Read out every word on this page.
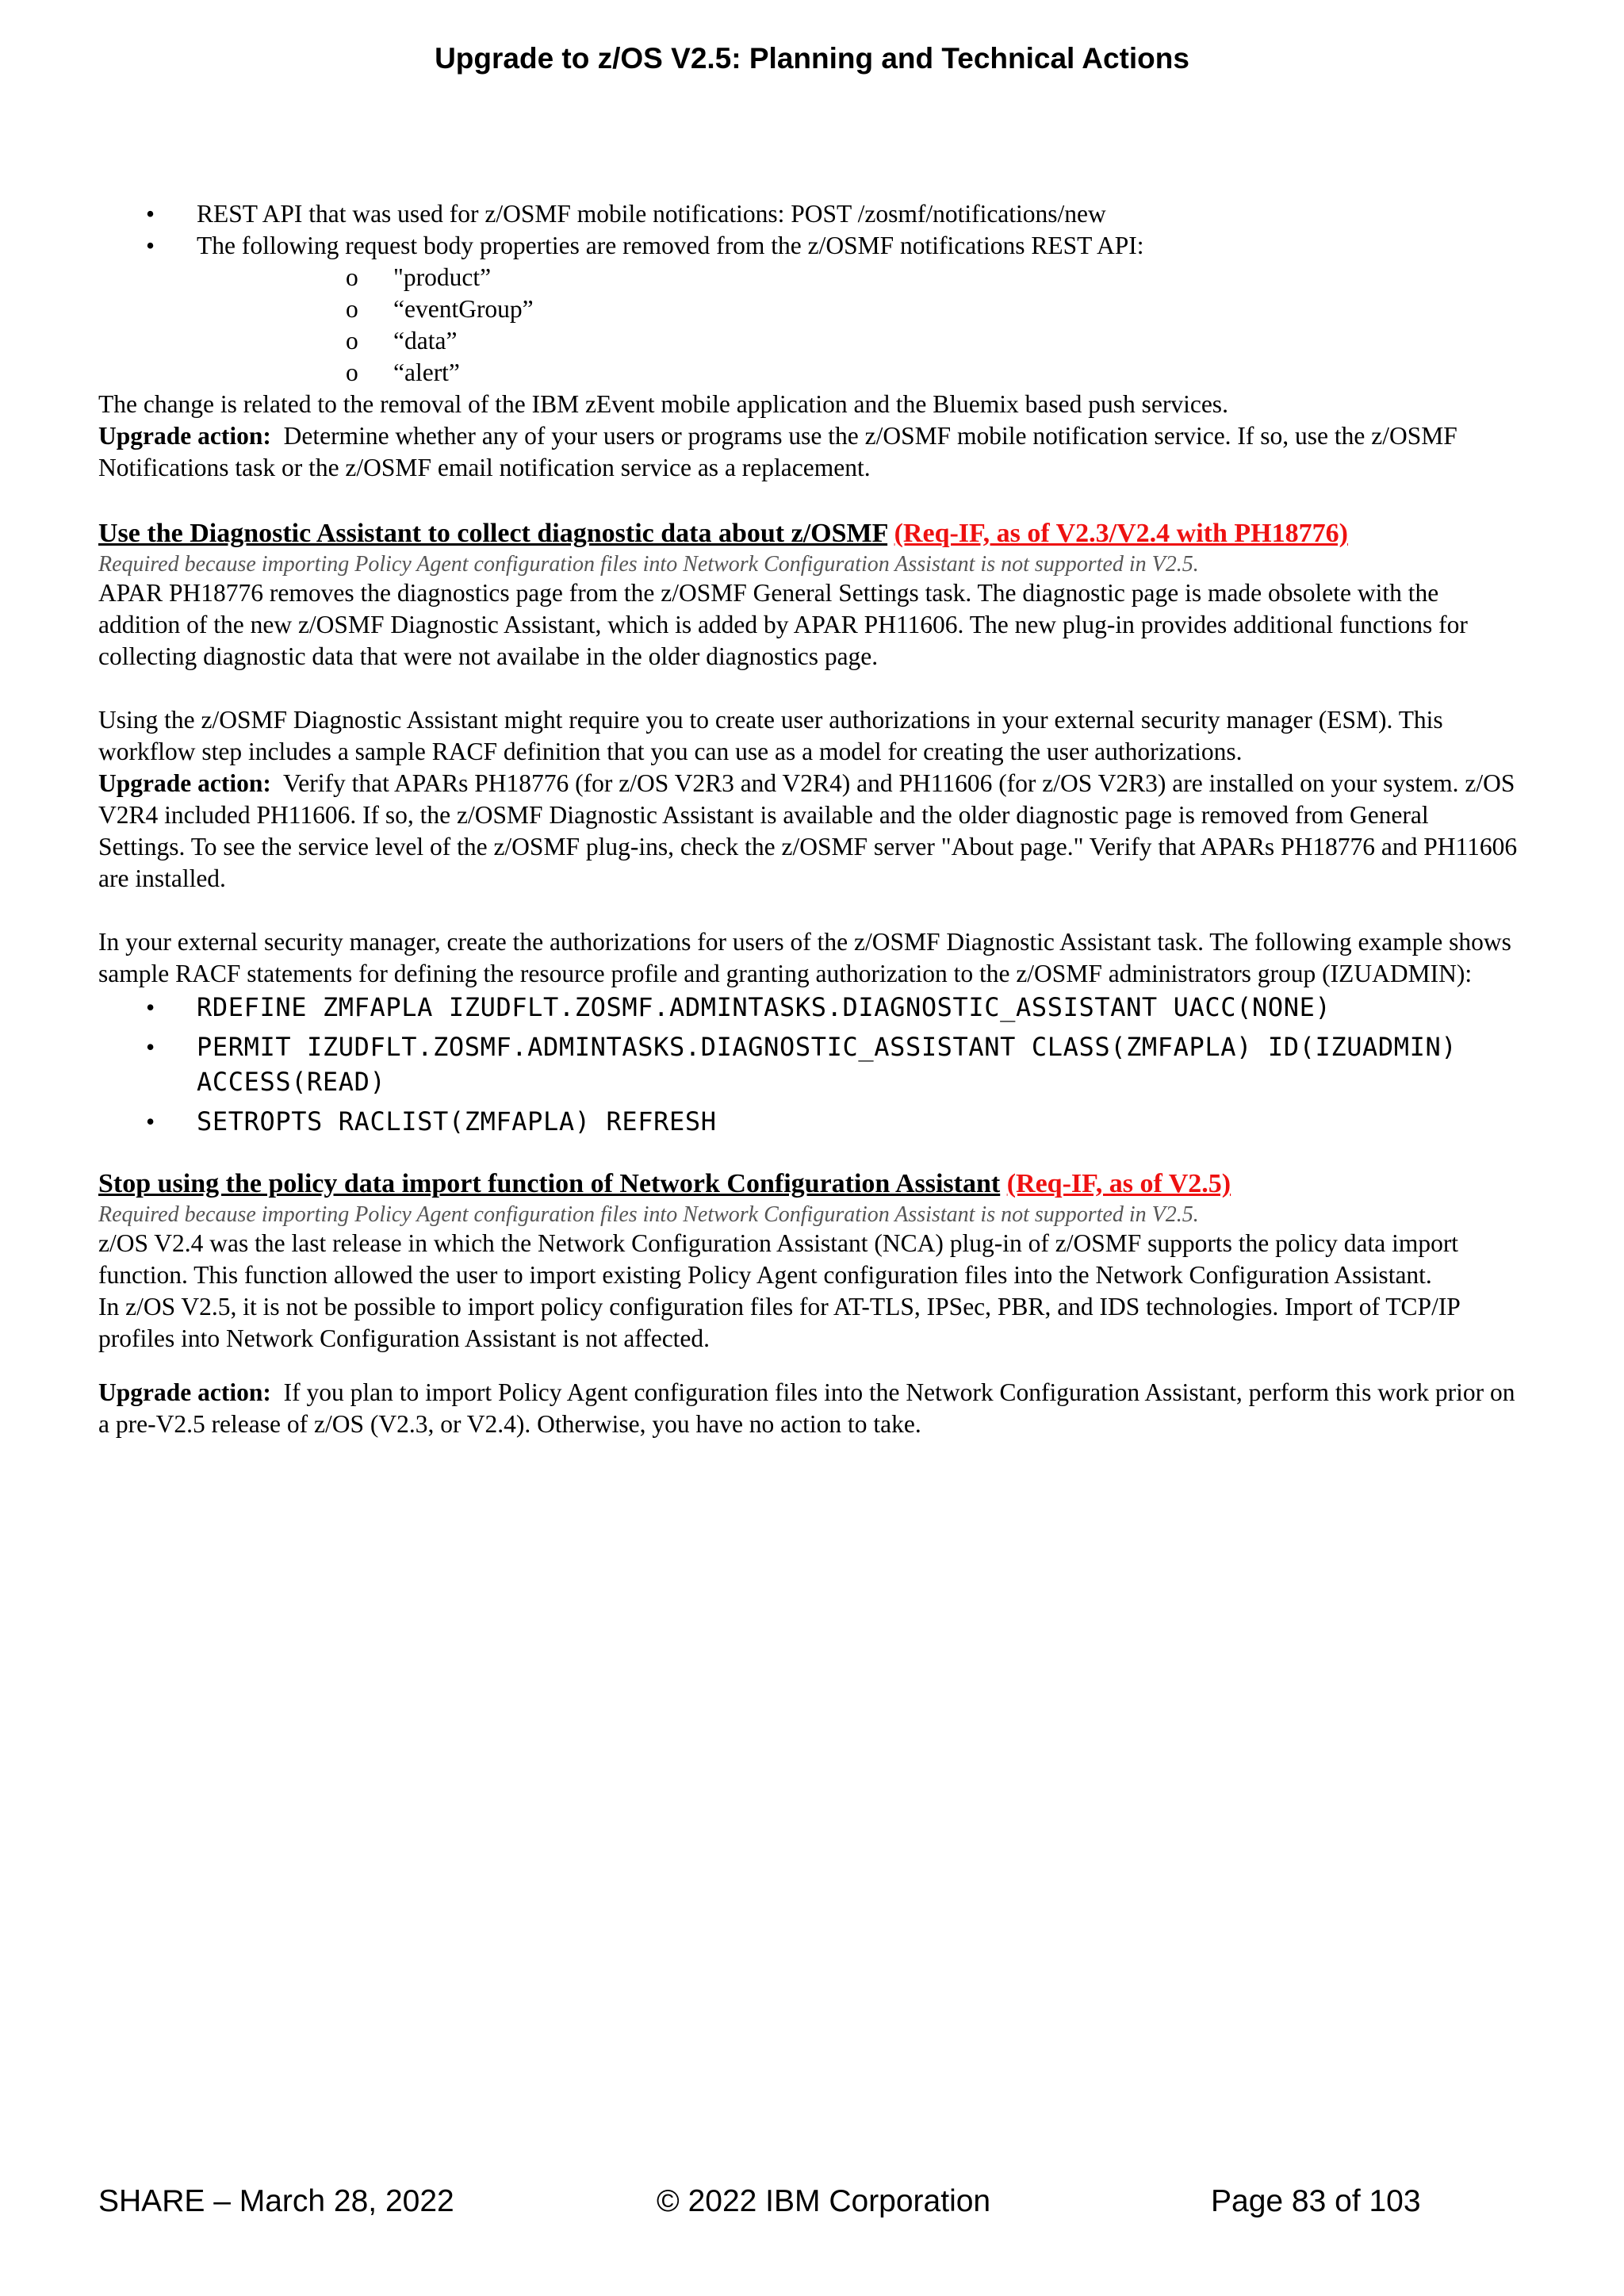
Upgrade to z/OS V2.5: Planning and Technical Actions
• REST API that was used for z/OSMF mobile notifications: POST /zosmf/notifications/new
• The following request body properties are removed from the z/OSMF notifications REST API:
o "product”
o “eventGroup”
o “data”
o “alert”

The change is related to the removal of the IBM zEvent mobile application and the Bluemix based push services.

Upgrade action: Determine whether any of your users or programs use the z/OSMF mobile notification service. If so, use the z/OSMF Notifications task or the z/OSMF email notification service as a replacement.

Use the Diagnostic Assistant to collect diagnostic data about z/OSMF (Req-IF, as of V2.3/V2.4 with PH18776)

Required because importing Policy Agent configuration files into Network Configuration Assistant is not supported in V2.5.

APAR PH18776 removes the diagnostics page from the z/OSMF General Settings task. The diagnostic page is made obsolete with the addition of the new z/OSMF Diagnostic Assistant, which is added by APAR PH11606. The new plug-in provides additional functions for collecting diagnostic data that were not availabe in the older diagnostics page.

Using the z/OSMF Diagnostic Assistant might require you to create user authorizations in your external security manager (ESM). This workflow step includes a sample RACF definition that you can use as a model for creating the user authorizations.

Upgrade action: Verify that APARs PH18776 (for z/OS V2R3 and V2R4) and PH11606 (for z/OS V2R3) are installed on your system. z/OS V2R4 included PH11606. If so, the z/OSMF Diagnostic Assistant is available and the older diagnostic page is removed from General Settings. To see the service level of the z/OSMF plug-ins, check the z/OSMF server "About page." Verify that APARs PH18776 and PH11606 are installed.

In your external security manager, create the authorizations for users of the z/OSMF Diagnostic Assistant task. The following example shows sample RACF statements for defining the resource profile and granting authorization to the z/OSMF administrators group (IZUADMIN):

• RDEFINE ZMFAPLA IZUDFLT.ZOSMF.ADMINTASKS.DIAGNOSTIC_ASSISTANT UACC(NONE)
• PERMIT IZUDFLT.ZOSMF.ADMINTASKS.DIAGNOSTIC_ASSISTANT CLASS(ZMFAPLA) ID(IZUADMIN) ACCESS(READ)
• SETROPTS RACLIST(ZMFAPLA) REFRESH
Stop using the policy data import function of Network Configuration Assistant (Req-IF, as of V2.5)

Required because importing Policy Agent configuration files into Network Configuration Assistant is not supported in V2.5.

z/OS V2.4 was the last release in which the Network Configuration Assistant (NCA) plug-in of z/OSMF supports the policy data import function. This function allowed the user to import existing Policy Agent configuration files into the Network Configuration Assistant.

In z/OS V2.5, it is not be possible to import policy configuration files for AT-TLS, IPSec, PBR, and IDS technologies. Import of TCP/IP profiles into Network Configuration Assistant is not affected.

Upgrade action: If you plan to import Policy Agent configuration files into the Network Configuration Assistant, perform this work prior on a pre-V2.5 release of z/OS (V2.3, or V2.4). Otherwise, you have no action to take.

SHARE – March 28, 2022	© 2022 IBM Corporation	Page 83 of 103
